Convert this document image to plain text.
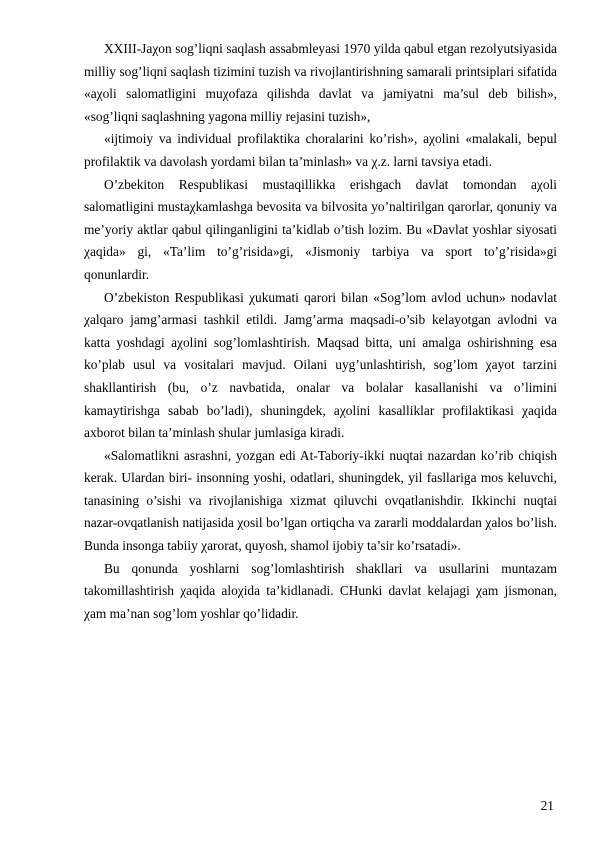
XXIII-Jaχon sog’liqni saqlash assabmleyasi 1970 yilda qabul etgan rezolyutsiyasida milliy sog’liqni saqlash tizimini tuzish va rivojlantirishning samarali printsiplari sifatida «aχoli salomatligini muχofaza qilishda davlat va jamiyatni ma’sul deb bilish», «sog’liqni saqlashning yagona milliy rejasini tuzish»,

«ijtimoiy va individual profilaktika choralarini ko’rish», aχolini «malakali, bepul profilaktik va davolash yordami bilan ta’minlash» va χ.z. larni tavsiya etadi.

O’zbekiton Respublikasi mustaqillikka erishgach davlat tomondan aχoli salomatligini mustaχkamlashga bevosita va bilvosita yo’naltirilgan qarorlar, qonuniy va me’yoriy aktlar qabul qilinganligini ta’kidlab o’tish lozim. Bu «Davlat yoshlar siyosati χaqida» gi, «Ta’lim to’g’risida»gi, «Jismoniy tarbiya va sport to’g’risida»gi qonunlardir.

O’zbekiston Respublikasi χukumati qarori bilan «Sog’lom avlod uchun» nodavlat χalqaro jamg’armasi tashkil etildi. Jamg’arma maqsadi-o’sib kelayotgan avlodni va katta yoshdagi aχolini sog’lomlashtirish. Maqsad bitta, uni amalga oshirishning esa ko’plab usul va vositalari mavjud. Oilani uyg’unlashtirish, sog’lom χayot tarzini shakllantirish (bu, o’z navbatida, onalar va bolalar kasallanishi va o’limini kamaytirishga sabab bo’ladi), shuningdek, aχolini kasalliklar profilaktikasi χaqida axborot bilan ta’minlash shular jumlasiga kiradi.

«Salomatlikni asrashni, yozgan edi At-Taboriy-ikki nuqtai nazardan ko’rib chiqish kerak. Ulardan biri- insonning yoshi, odatlari, shuningdek, yil fasllariga mos keluvchi, tanasining o’sishi va rivojlanishiga xizmat qiluvchi ovqatlanishdir. Ikkinchi nuqtai nazar-ovqatlanish natijasida χosil bo’lgan ortiqcha va zararli moddalardan χalos bo’lish. Bunda insonga tabiiy χarorat, quyosh, shamol ijobiy ta’sir ko’rsatadi».

Bu qonunda yoshlarni sog’lomlashtirish shakllari va usullarini muntazam takomillashtirish χaqida aloχida ta’kidlanadi. CHunki davlat kelajagi χam jismonan, χam ma’nan sog’lom yoshlar qo’lidadir.

21
